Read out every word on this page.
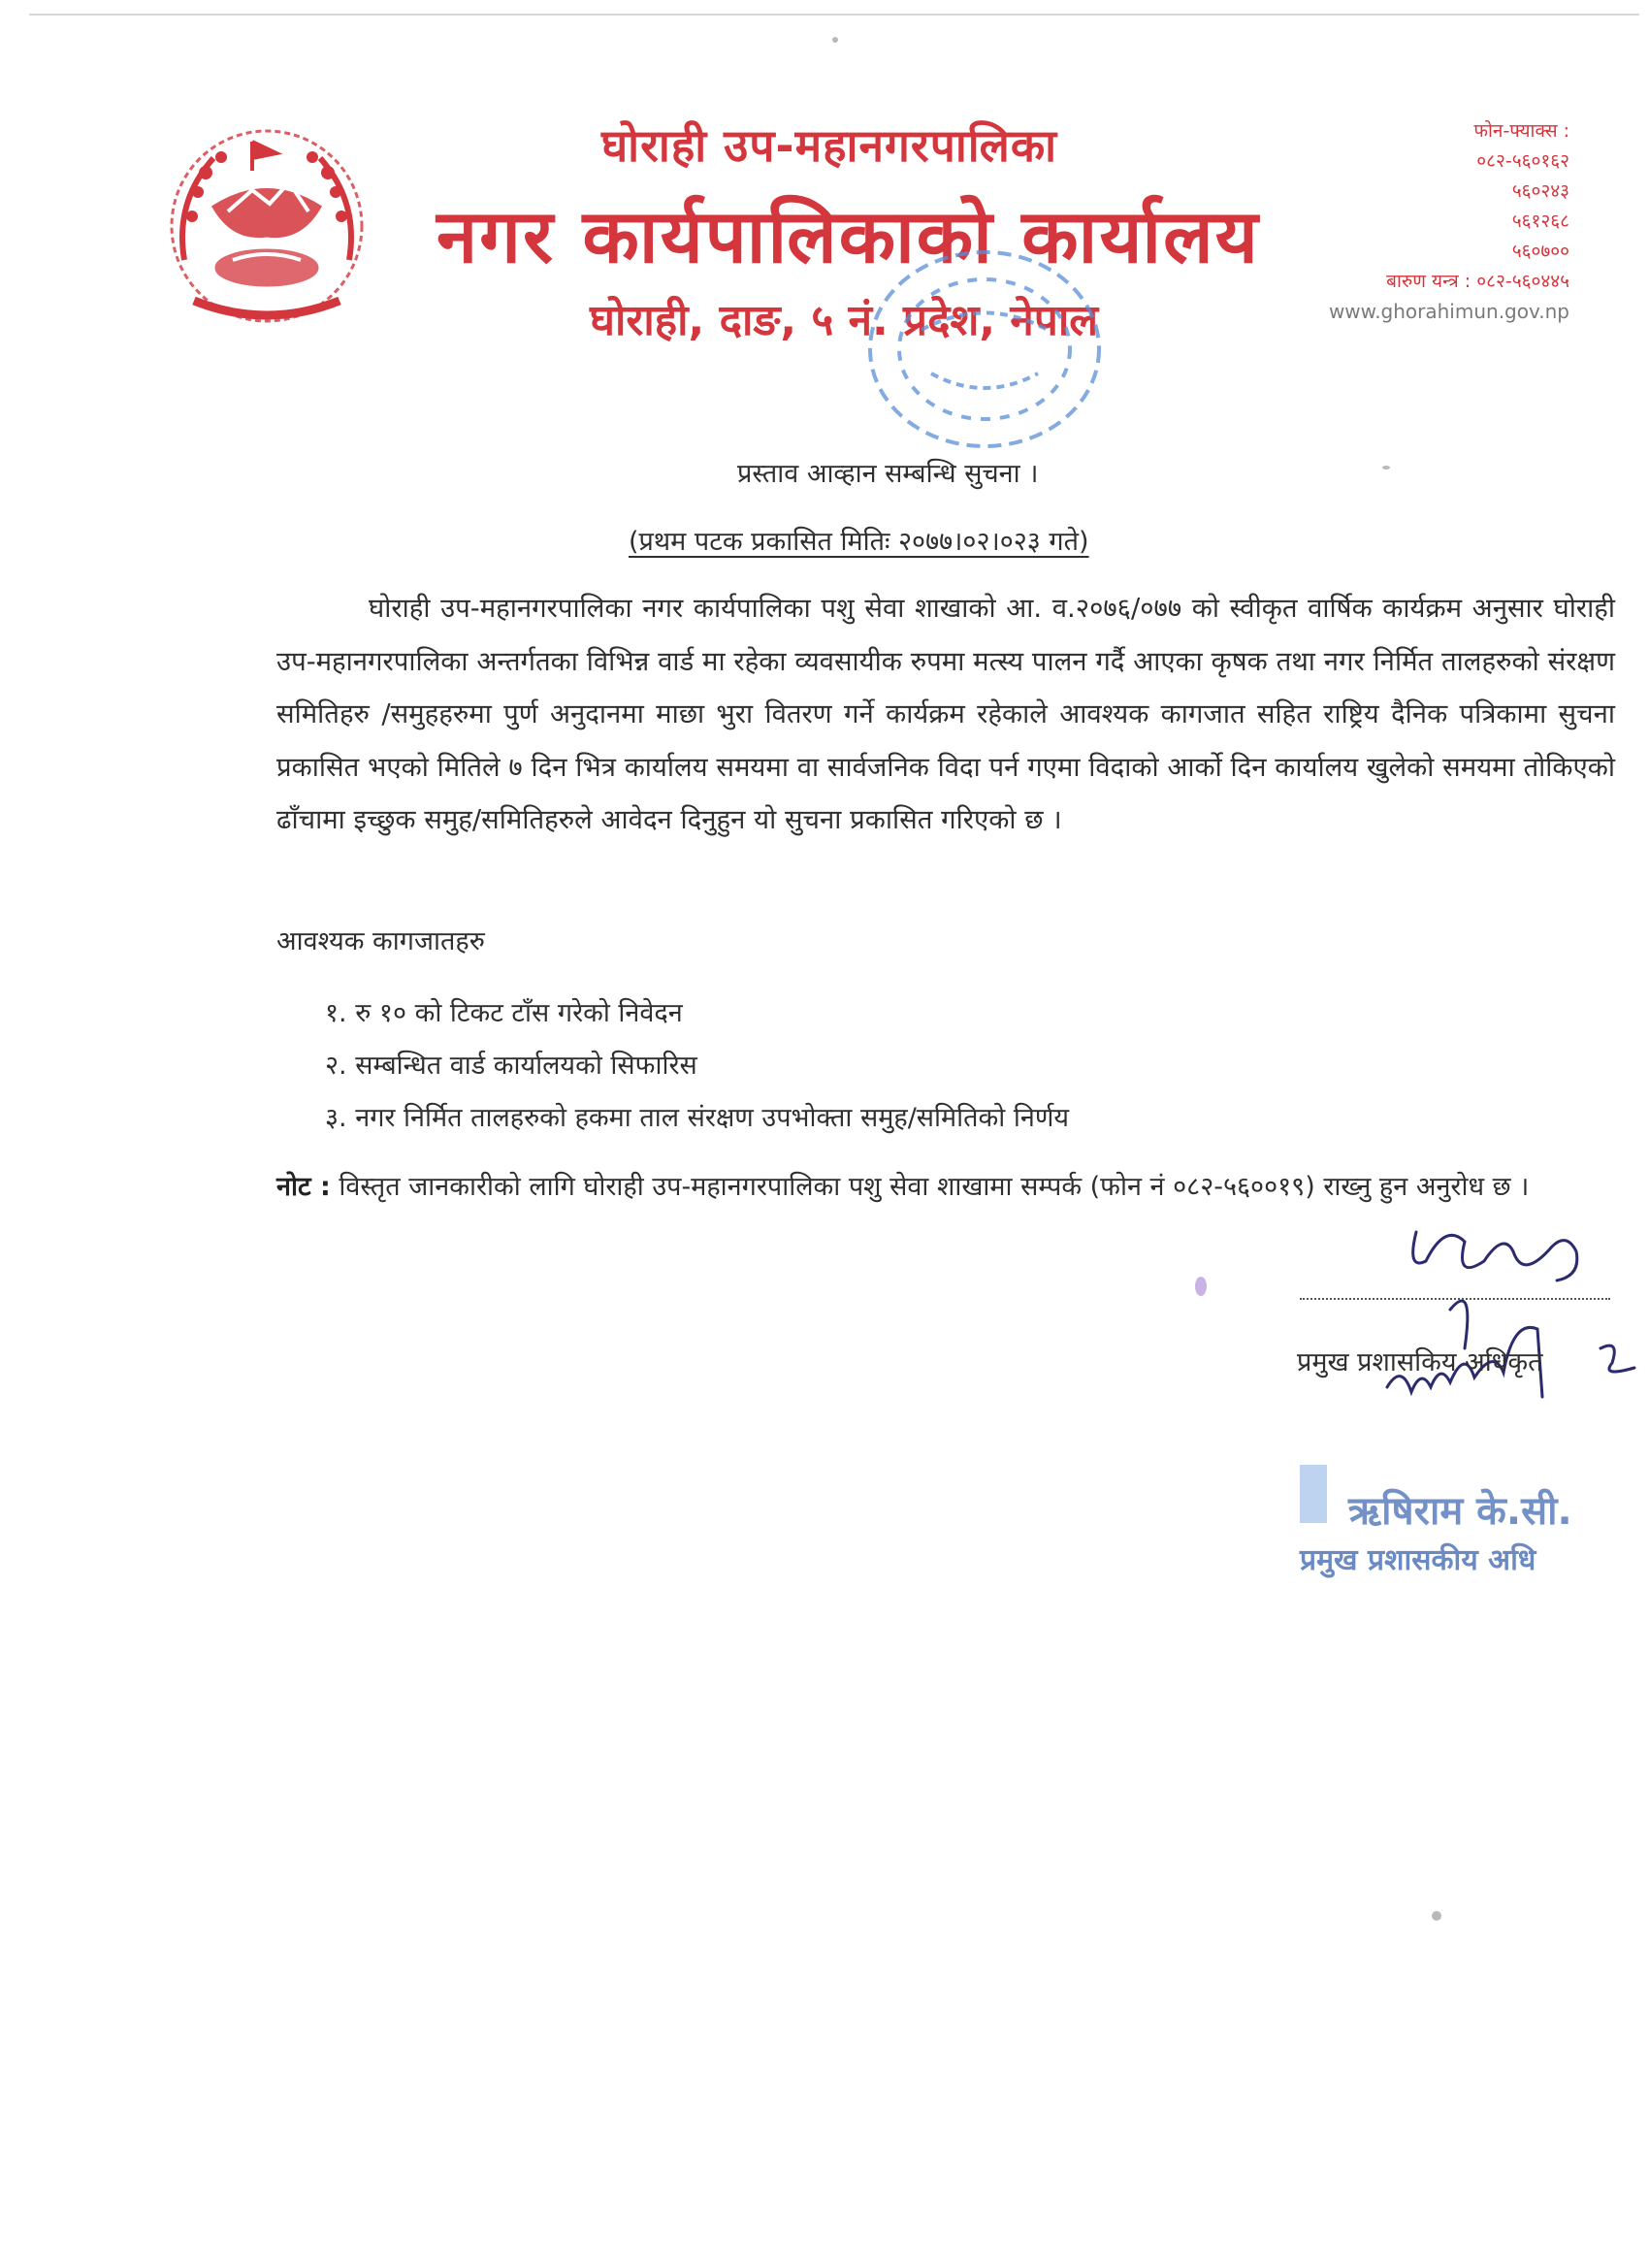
घोराही उप-महानगरपालिका
नगर कार्यपालिकाको कार्यालय
घोराही, दाङ, ५ नं. प्रदेश, नेपाल
फोन-फ्याक्स :
०८२-५६०१६२
५६०२४३
५६१२६८
५६०७००
बारुण यन्त्र : ०८२-५६०४४५
www.ghorahimun.gov.np
प्रस्ताव आव्हान सम्बन्धि सुचना ।
(प्रथम पटक प्रकासित मितिः २०७७।०२।०२३ गते)
घोराही उप-महानगरपालिका नगर कार्यपालिका पशु सेवा शाखाको आ. व.२०७६/०७७ को स्वीकृत वार्षिक कार्यक्रम अनुसार घोराही उप-महानगरपालिका अन्तर्गतका विभिन्न वार्ड मा रहेका व्यवसायीक रुपमा मत्स्य पालन गर्दै आएका कृषक तथा नगर निर्मित तालहरुको संरक्षण समितिहरु /समुहहरुमा पुर्ण अनुदानमा माछा भुरा वितरण गर्ने कार्यक्रम रहेकाले आवश्यक कागजात सहित राष्ट्रिय दैनिक पत्रिकामा सुचना प्रकासित भएको मितिले ७ दिन भित्र कार्यालय समयमा वा सार्वजनिक विदा पर्न गएमा विदाको आर्को दिन कार्यालय खुलेको समयमा तोकिएको ढाँचामा इच्छुक समुह/समितिहरुले आवेदन दिनुहुन यो सुचना प्रकासित गरिएको छ ।
आवश्यक कागजातहरु
१. रु १० को टिकट टाँस गरेको निवेदन
२. सम्बन्धित वार्ड कार्यालयको सिफारिस
३. नगर निर्मित तालहरुको हकमा ताल संरक्षण उपभोक्ता समुह/समितिको निर्णय
नोट : विस्तृत जानकारीको लागि घोराही उप-महानगरपालिका पशु सेवा शाखामा सम्पर्क (फोन नं ०८२-५६००१९) राख्नु हुन अनुरोध छ ।
प्रमुख प्रशासकिय अधिकृत
ऋषिराम के.सी.
प्रमुख प्रशासकीय अधि
